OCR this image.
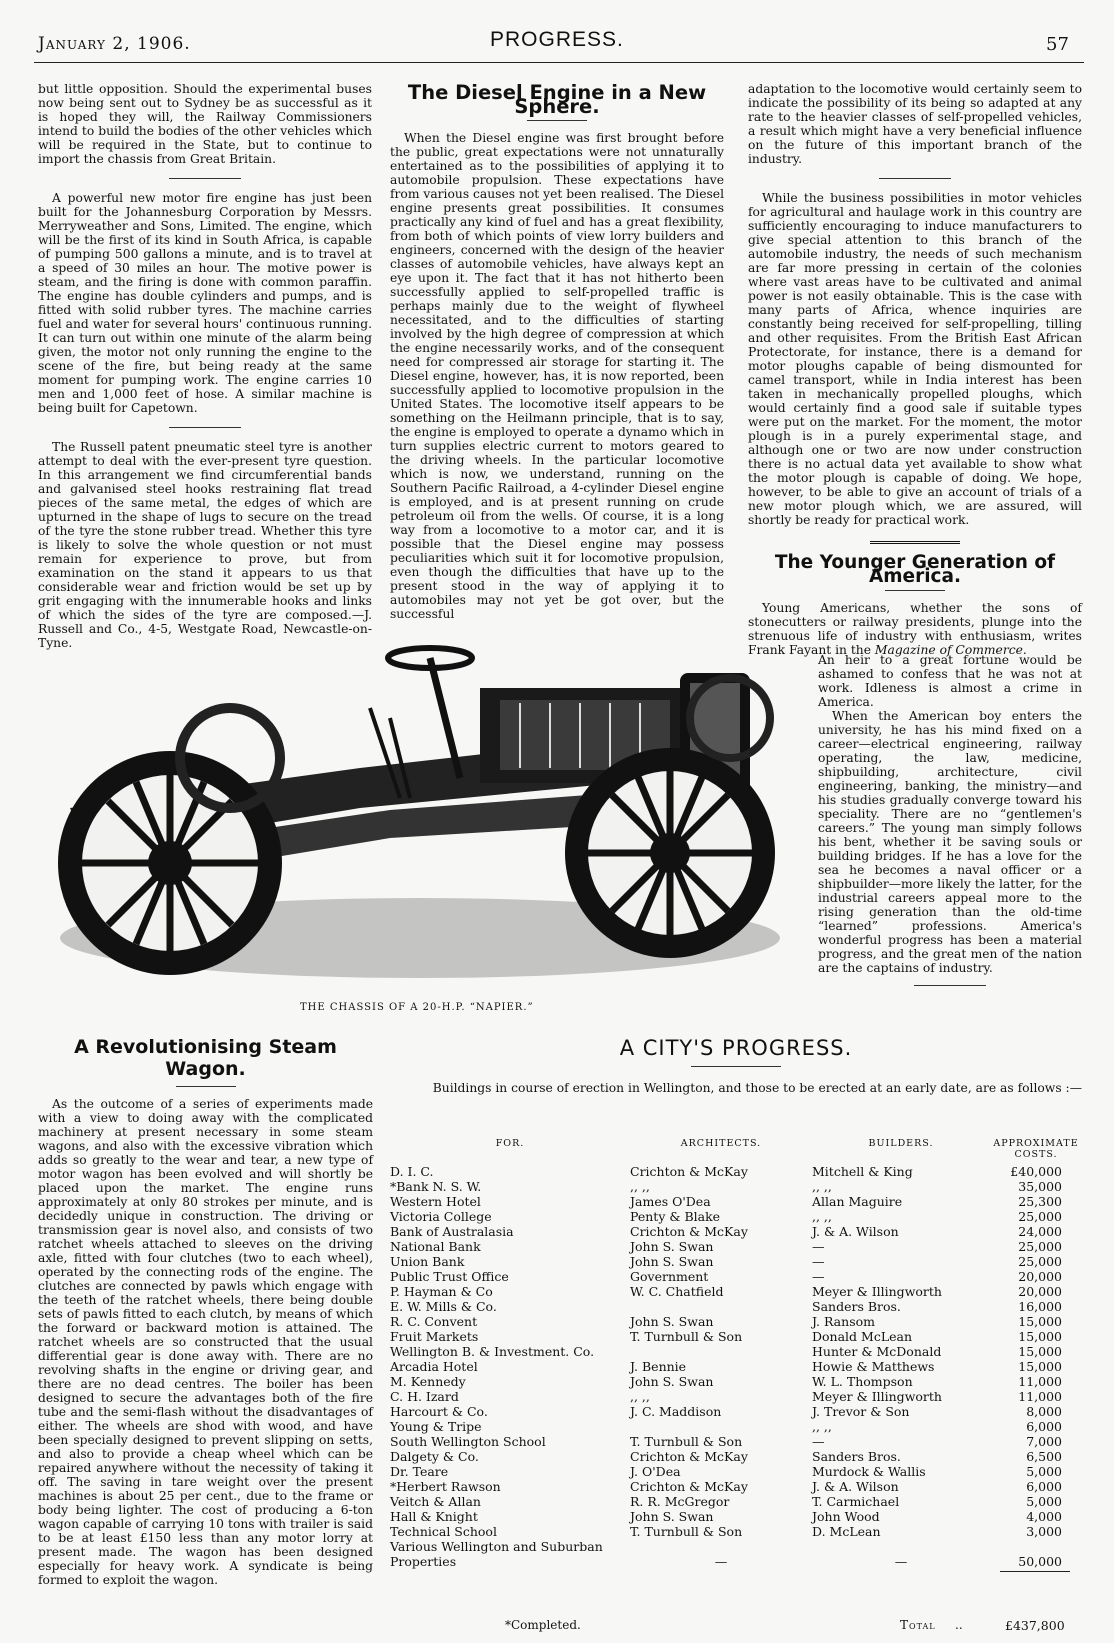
January 2, 1906.	PROGRESS.	57

but little opposition. Should the experimental buses now being sent out to Sydney be as successful as it is hoped they will, the Railway Commissioners intend to build the bodies of the other vehicles which will be required in the State, but to continue to import the chassis from Great Britain.

A powerful new motor fire engine has just been built for the Johannesburg Corporation by Messrs. Merryweather and Sons, Limited. The engine, which will be the first of its kind in South Africa, is capable of pumping 500 gallons a minute, and is to travel at a speed of 30 miles an hour. The motive power is steam, and the firing is done with common paraffin. The engine has double cylinders and pumps, and is fitted with solid rubber tyres. The machine carries fuel and water for several hours' continuous running. It can turn out within one minute of the alarm being given, the motor not only running the engine to the scene of the fire, but being ready at the same moment for pumping work. The engine carries 10 men and 1,000 feet of hose. A similar machine is being built for Capetown.

The Russell patent pneumatic steel tyre is another attempt to deal with the ever-present tyre question. In this arrangement we find circumferential bands and galvanised steel hooks restraining flat tread pieces of the same metal, the edges of which are upturned in the shape of lugs to secure on the tread of the tyre the stone rubber tread. Whether this tyre is likely to solve the whole question or not must remain for experience to prove, but from examination on the stand it appears to us that considerable wear and friction would be set up by grit engaging with the innumerable hooks and links of which the sides of the tyre are composed.—J. Russell and Co., 4-5, Westgate Road, Newcastle-on-Tyne.

The Diesel Engine in a New Sphere.

When the Diesel engine was first brought before the public, great expectations were not unnaturally entertained as to the possibilities of applying it to automobile propulsion. These expectations have from various causes not yet been realised. The Diesel engine presents great possibilities. It consumes practically any kind of fuel and has a great flexibility, from both of which points of view lorry builders and engineers, concerned with the design of the heavier classes of automobile vehicles, have always kept an eye upon it. The fact that it has not hitherto been successfully applied to self-propelled traffic is perhaps mainly due to the weight of flywheel necessitated, and to the difficulties of starting involved by the high degree of compression at which the engine necessarily works, and of the consequent need for compressed air storage for starting it. The Diesel engine, however, has, it is now reported, been successfully applied to locomotive propulsion in the United States. The locomotive itself appears to be something on the Heilmann principle, that is to say, the engine is employed to operate a dynamo which in turn supplies electric current to motors geared to the driving wheels. In the particular locomotive which is now, we understand, running on the Southern Pacific Railroad, a 4-cylinder Diesel engine is employed, and is at present running on crude petroleum oil from the wells. Of course, it is a long way from a locomotive to a motor car, and it is possible that the Diesel engine may possess peculiarities which suit it for locomotive propulsion, even though the difficulties that have up to the present stood in the way of applying it to automobiles may not yet be got over, but the successful

adaptation to the locomotive would certainly seem to indicate the possibility of its being so adapted at any rate to the heavier classes of self-propelled vehicles, a result which might have a very beneficial influence on the future of this important branch of the industry.

While the business possibilities in motor vehicles for agricultural and haulage work in this country are sufficiently encouraging to induce manufacturers to give special attention to this branch of the automobile industry, the needs of such mechanism are far more pressing in certain of the colonies where vast areas have to be cultivated and animal power is not easily obtainable. This is the case with many parts of Africa, whence inquiries are constantly being received for self-propelling, tilling and other requisites. From the British East African Protectorate, for instance, there is a demand for motor ploughs capable of being dismounted for camel transport, while in India interest has been taken in mechanically propelled ploughs, which would certainly find a good sale if suitable types were put on the market. For the moment, the motor plough is in a purely experimental stage, and although one or two are now under construction there is no actual data yet available to show what the motor plough is capable of doing. We hope, however, to be able to give an account of trials of a new motor plough which, we are assured, will shortly be ready for practical work.

The Younger Generation of America.

Young Americans, whether the sons of stonecutters or railway presidents, plunge into the strenuous life of industry with enthusiasm, writes Frank Fayant in the Magazine of Commerce.

An heir to a great fortune would be ashamed to confess that he was not at work. Idleness is almost a crime in America.

When the American boy enters the university, he has his mind fixed on a career—electrical engineering, railway operating, the law, medicine, shipbuilding, architecture, civil engineering, banking, the ministry—and his studies gradually converge toward his speciality. There are no “gentlemen's careers.” The young man simply follows his bent, whether it be saving souls or building bridges. If he has a love for the sea he becomes a naval officer or a shipbuilder—more likely the latter, for the industrial careers appeal more to the rising generation than the old-time “learned” professions. America's wonderful progress has been a material progress, and the great men of the nation are the captains of industry.

THE CHASSIS OF A 20-H.P. “NAPIER.”
A Revolutionising Steam Wagon.

As the outcome of a series of experiments made with a view to doing away with the complicated machinery at present necessary in some steam wagons, and also with the excessive vibration which adds so greatly to the wear and tear, a new type of motor wagon has been evolved and will shortly be placed upon the market. The engine runs approximately at only 80 strokes per minute, and is decidedly unique in construction. The driving or transmission gear is novel also, and consists of two ratchet wheels attached to sleeves on the driving axle, fitted with four clutches (two to each wheel), operated by the connecting rods of the engine. The clutches are connected by pawls which engage with the teeth of the ratchet wheels, there being double sets of pawls fitted to each clutch, by means of which the forward or backward motion is attained. The ratchet wheels are so constructed that the usual differential gear is done away with. There are no revolving shafts in the engine or driving gear, and there are no dead centres. The boiler has been designed to secure the advantages both of the fire tube and the semi-flash without the disadvantages of either. The wheels are shod with wood, and have been specially designed to prevent slipping on setts, and also to provide a cheap wheel which can be repaired anywhere without the necessity of taking it off. The saving in tare weight over the present machines is about 25 per cent., due to the frame or body being lighter. The cost of producing a 6-ton wagon capable of carrying 10 tons with trailer is said to be at least £150 less than any motor lorry at present made. The wagon has been designed especially for heavy work. A syndicate is being formed to exploit the wagon.

A CITY'S PROGRESS.
Buildings in course of erection in Wellington, and those to be erected at an early date, are as follows :—
FOR.	ARCHITECTS.	BUILDERS.	APPROXIMATE
COSTS.

D. I. C.	Crichton & McKay	Mitchell & King	£40,000
*Bank N. S. W.	,, ,,	,, ,,	35,000
Western Hotel	James O'Dea	Allan Maguire	25,300
Victoria College	Penty & Blake	,, ,,	25,000
Bank of Australasia	Crichton & McKay	J. & A. Wilson	24,000
National Bank	John S. Swan	—	25,000
Union Bank	John S. Swan	—	25,000
Public Trust Office	Government	—	20,000
P. Hayman & Co	W. C. Chatfield	Meyer & Illingworth	20,000
E. W. Mills & Co.		Sanders Bros.	16,000
R. C. Convent	John S. Swan	J. Ransom	15,000
Fruit Markets	T. Turnbull & Son	Donald McLean	15,000
Wellington B. & Investment. Co.		Hunter & McDonald	15,000
Arcadia Hotel	J. Bennie	Howie & Matthews	15,000
M. Kennedy	John S. Swan	W. L. Thompson	11,000
C. H. Izard	,, ,,	Meyer & Illingworth	11,000
Harcourt & Co.	J. C. Maddison	J. Trevor & Son	8,000
Young & Tripe		,, ,,	6,000
South Wellington School	T. Turnbull & Son	—	7,000
Dalgety & Co.	Crichton & McKay	Sanders Bros.	6,500
Dr. Teare	J. O'Dea	Murdock & Wallis	5,000
*Herbert Rawson	Crichton & McKay	J. & A. Wilson	6,000
Veitch & Allan	R. R. McGregor	T. Carmichael	5,000
Hall & Knight	John S. Swan	John Wood	4,000
Technical School	T. Turnbull & Son	D. McLean	3,000

Various Wellington and Suburban
Properties	—	—	50,000
*Completed.	Total ..	£437,800
